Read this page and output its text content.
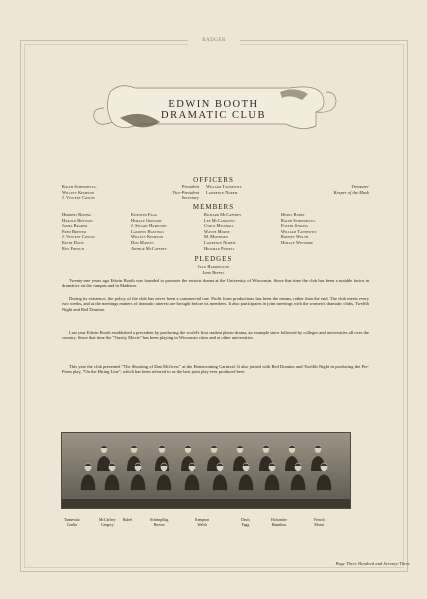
BADGER
EDWIN BOOTH
DRAMATIC CLUB
OFFICERS
Ralph Scheinpflug
Willett Kempton
J. Vincent Conlin
President
Vice-President
Secretary
William Tannewitz
Lawrence Norem
Treasurer
Keeper of the Mask
MEMBERS
Herbert Boning
Harold Bentson
James Brader
Fred Brewer
J. Vincent Conlin
Keith Davis
Roy French
Kenneth Fagg
Horace Gregory
J. Stuart Hamilton
Laurens Hastings
Willett Kempton
Don Marvin
Arthur McCaffrey
Richard McCaffrey
Lee McCandless
Cyrus Minshall
Wayne Morse
M. Monfried
Lawrence Norem
Hickman Powell
Henry Rubel
Ralph Scheinpflug
Foster Strong
William Tannewitz
Rodney Welsh
Horace Wetmore
PLEDGES
Jack Harrington
John Beffel
Twenty-one years ago Edwin Booth was founded to promote the serious drama at the University of Wisconsin. Since that time the club has been a notable factor in dramatics on the campus and in Madison.
During its existence, the policy of the club has never been a commercial one. Profit from productions has been the means, rather than the end. The club meets every two weeks, and at the meetings matters of dramatic interest are brought before its members. It also participates in joint meetings with the women's dramatic clubs, Twelfth Night and Red Domino.
Last year Edwin Booth established a precedent by producing the world's first student photo-drama, an example since followed by colleges and universities all over the country. Since that time the "Varsity Movie" has been playing in Wisconsin cities and at other universities.
This year the club presented "The Shooting of Dan McGrew" at the Homecoming Carnival. It also joined with Red Domino and Twelfth Night in producing the Pre-Prom play, "On the Hiring Line", which has been referred to as the best joint play ever produced here.
Tannewitz
Conlin
McCaffrey
Gregory
Rubel	Scheinpflug
Brewer
Kempton
Welsh
Davis
Fagg
Holcombe
Hamilton
French
Morse
Page Three Hundred and Seventy-Three
